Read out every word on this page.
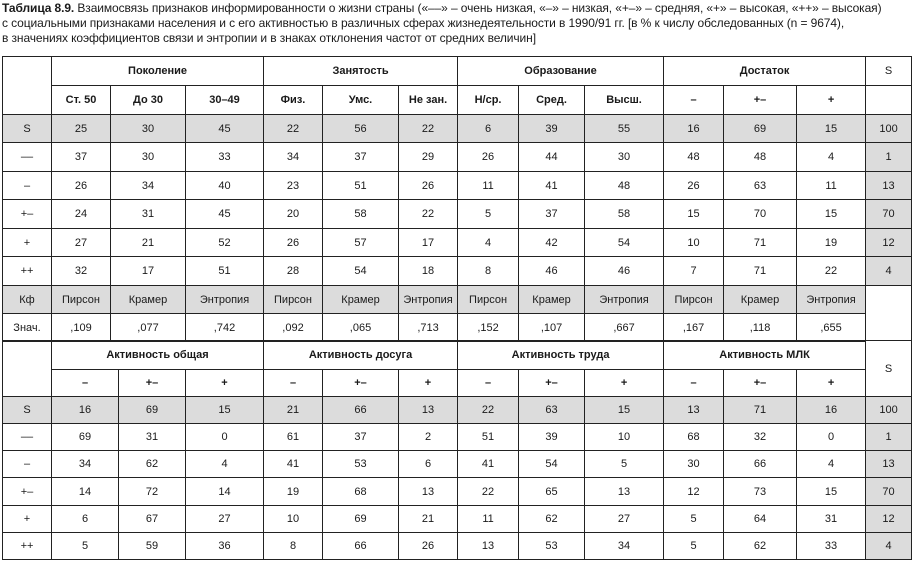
Таблица 8.9. Взаимосвязь признаков информированности о жизни страны («––» – очень низкая, «–» – низкая, «+–» – средняя, «+» – высокая, «++» – высокая)
с социальными признаками населения и с его активностью в различных сферах жизнедеятельности в 1990/91 гг. [в % к числу обследованных (n = 9674),
в значениях коэффициентов связи и энтропии и в знаках отклонения частот от средних величин]
	Поколение			Занятость			Образование			Достаток			S
	Ст. 50	До 30	30–49	Физ.	Умс.	Не зан.	Н/ср.	Сред.	Высш.	–	+–	+	
S	25	30	45	22	56	22	6	39	55	16	69	15	100
––	37	30	33	34	37	29	26	44	30	48	48	4	1
–	26	34	40	23	51	26	11	41	48	26	63	11	13
+–	24	31	45	20	58	22	5	37	58	15	70	15	70
+	27	21	52	26	57	17	4	42	54	10	71	19	12
++	32	17	51	28	54	18	8	46	46	7	71	22	4
Кф	Пирсон	Крамер	Энтропия	Пирсон	Крамер	Энтропия	Пирсон	Крамер	Энтропия	Пирсон	Крамер	Энтропия	
Знач.	,109	,077	,742	,092	,065	,713	,152	,107	,667	,167	,118	,655	
	Активность общая			Активность досуга			Активность труда			Активность МЛК			S
	–	+–	+	–	+–	+	–	+–	+	–	+–	+	
S	16	69	15	21	66	13	22	63	15	13	71	16	100
––	69	31	0	61	37	2	51	39	10	68	32	0	1
–	34	62	4	41	53	6	41	54	5	30	66	4	13
+–	14	72	14	19	68	13	22	65	13	12	73	15	70
+	6	67	27	10	69	21	11	62	27	5	64	31	12
++	5	59	36	8	66	26	13	53	34	5	62	33	4
